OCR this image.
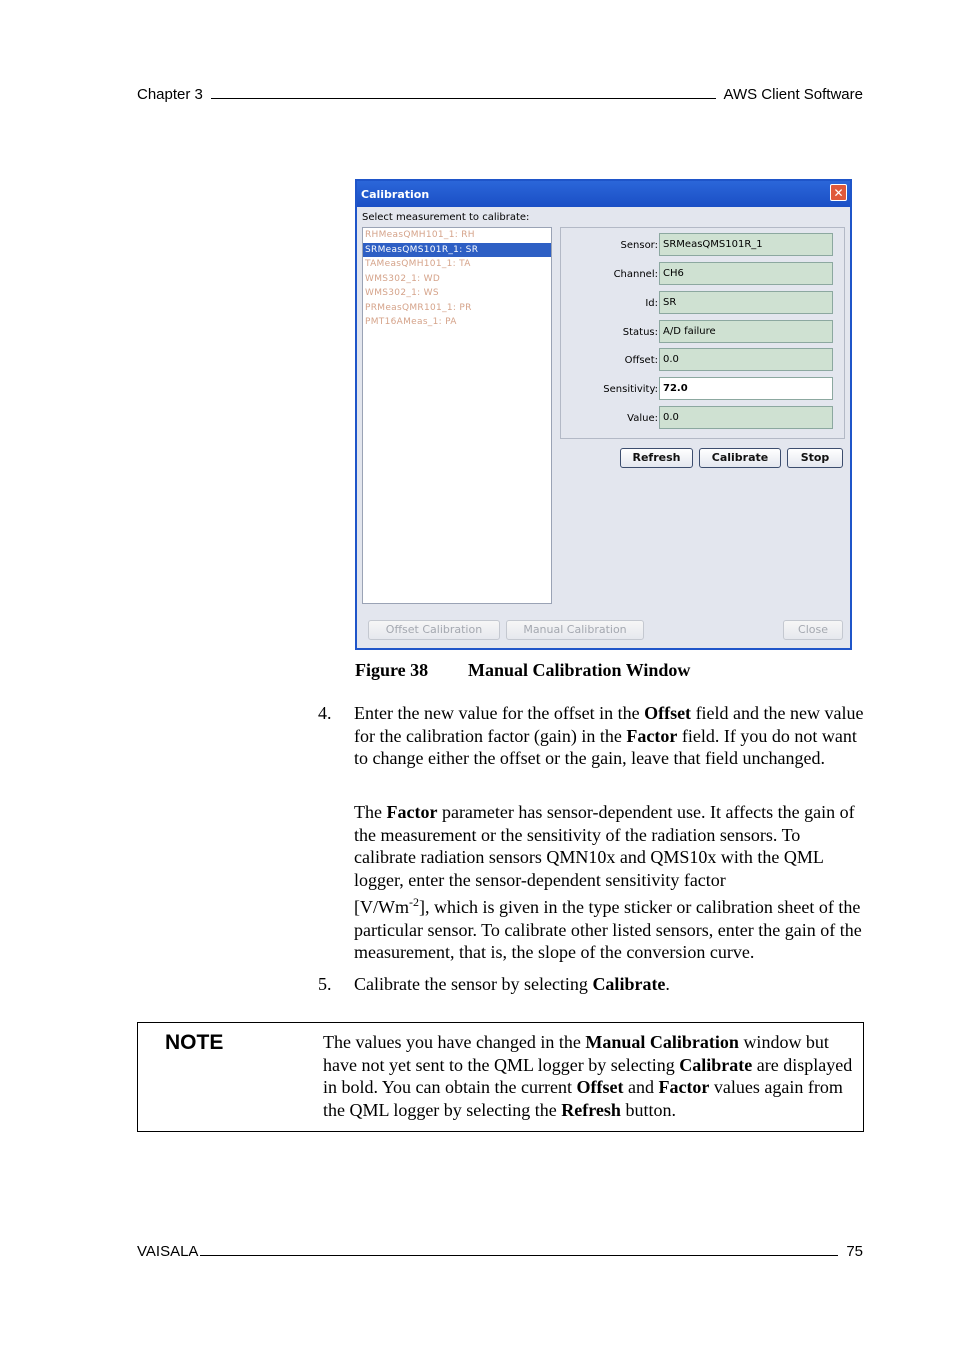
Chapter 3	AWS Client Software
Calibration	✕
Select measurement to calibrate:
RHMeasQMH101_1: RH
SRMeasQMS101R_1: SR
TAMeasQMH101_1: TA
WMS302_1: WD
WMS302_1: WS
PRMeasQMR101_1: PR
PMT16AMeas_1: PA
Sensor: SRMeasQMS101R_1
Channel: CH6
Id: SR
Status: A/D failure
Offset: 0.0
Sensitivity: 72.0
Value: 0.0
Refresh	Calibrate	Stop
Offset Calibration	Manual Calibration	Close
Figure 38 Manual Calibration Window
4. Enter the new value for the offset in the Offset field and the new value for the calibration factor (gain) in the Factor field. If you do not want to change either the offset or the gain, leave that field unchanged.
The Factor parameter has sensor-dependent use. It affects the gain of the measurement or the sensitivity of the radiation sensors. To calibrate radiation sensors QMN10x and QMS10x with the QML logger, enter the sensor-dependent sensitivity factor
$[V/Wm^{-2}]$, which is given in the type sticker or calibration sheet of the particular sensor. To calibrate other listed sensors, enter the gain of the measurement, that is, the slope of the conversion curve.
5. Calibrate the sensor by selecting Calibrate.
NOTE	The values you have changed in the Manual Calibration window but have not yet sent to the QML logger by selecting Calibrate are displayed in bold. You can obtain the current Offset and Factor values again from the QML logger by selecting the Refresh button.
VAISALA	75
